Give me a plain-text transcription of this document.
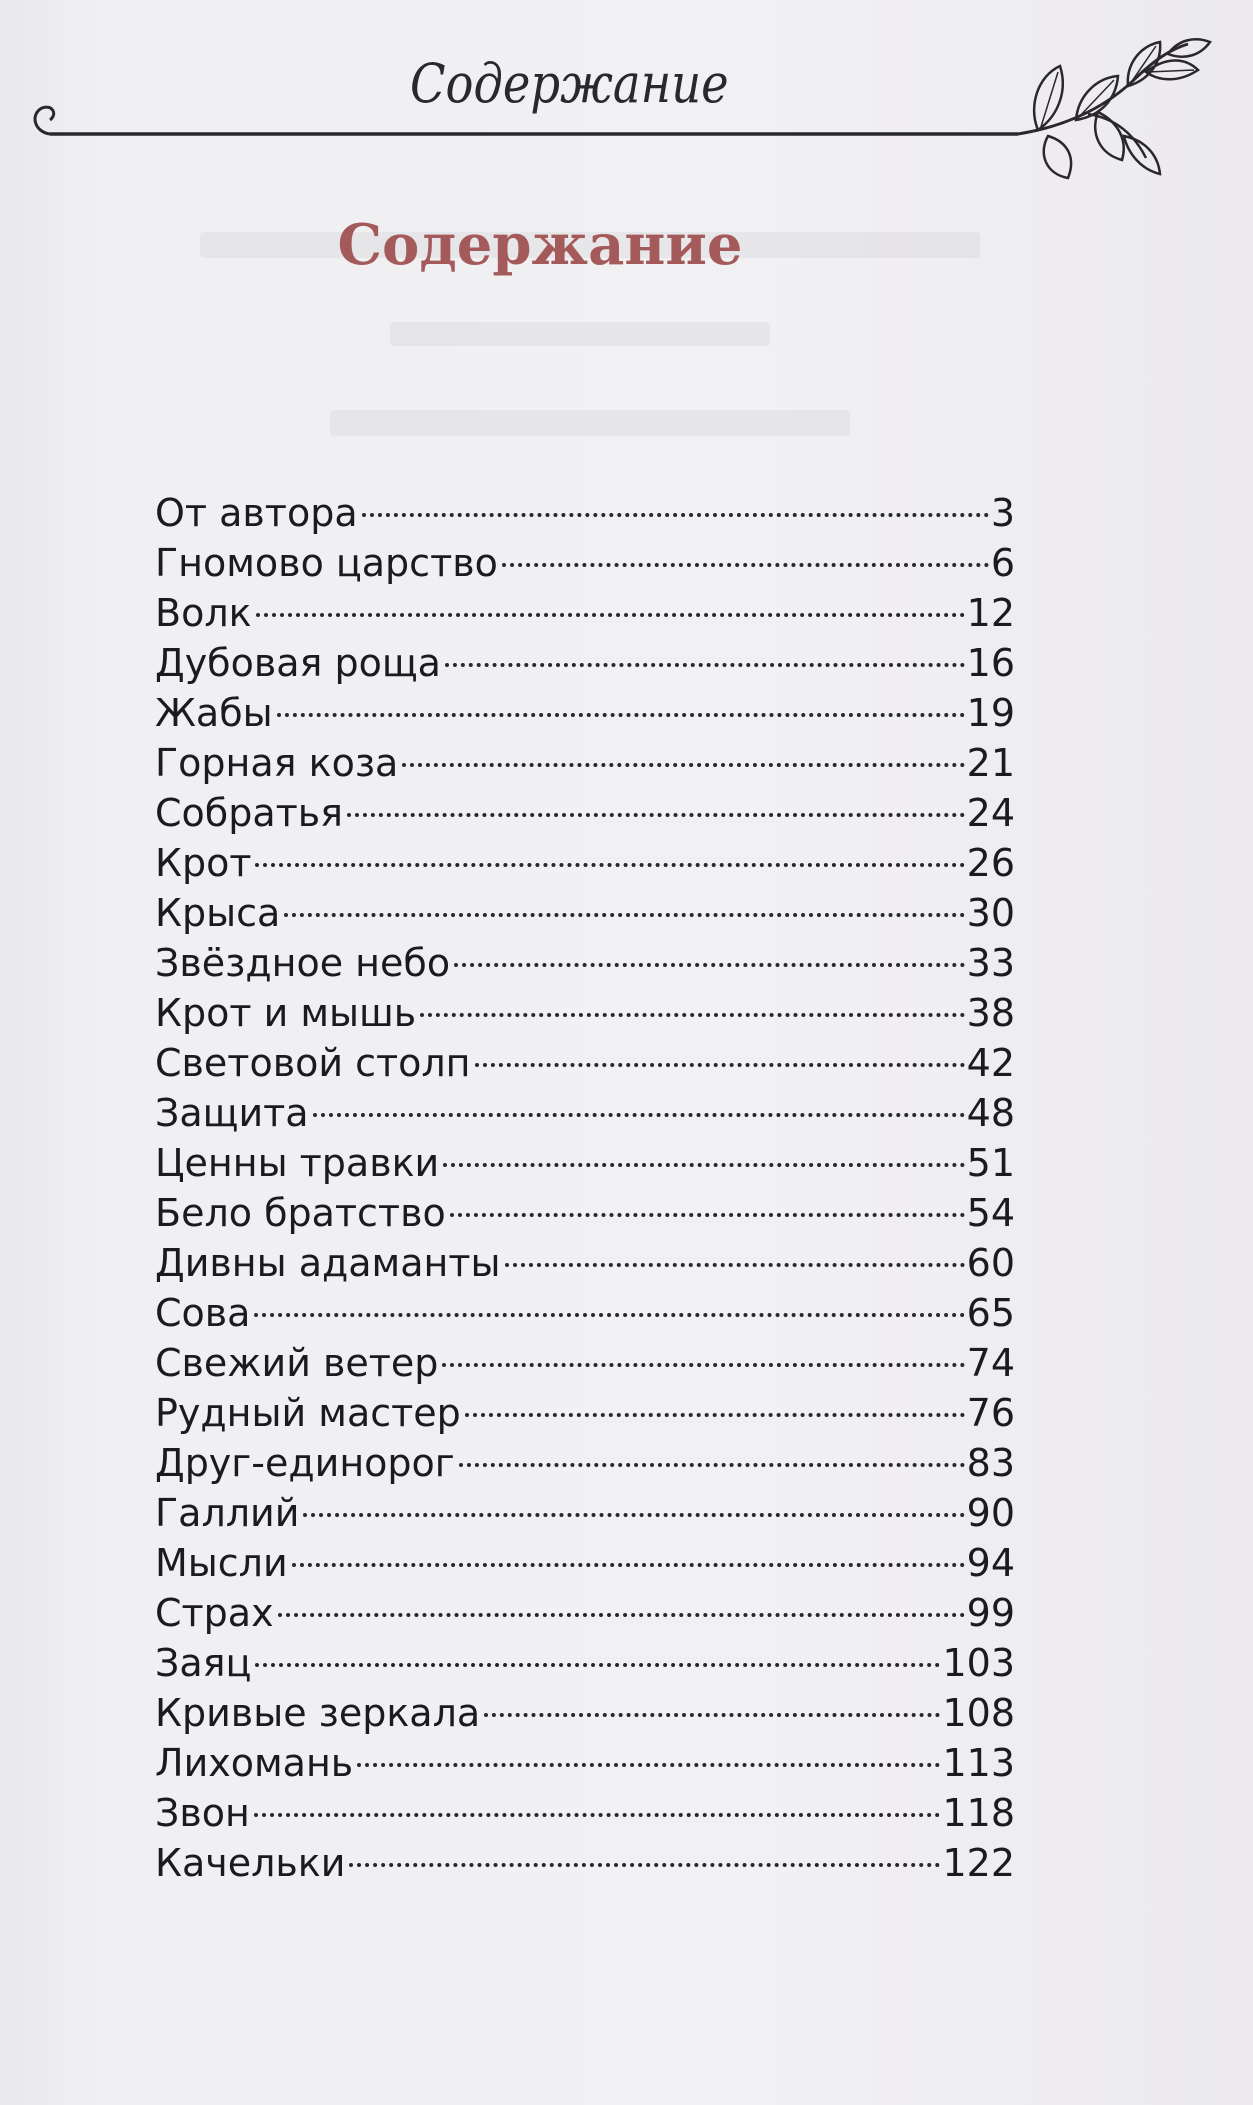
Содержание
Содержание
От автора	3
Гномово царство	6
Волк	12
Дубовая роща	16
Жабы	19
Горная коза	21
Собратья	24
Крот	26
Крыса	30
Звёздное небо	33
Крот и мышь	38
Световой столп	42
Защита	48
Ценны травки	51
Бело братство	54
Дивны адаманты	60
Сова	65
Свежий ветер	74
Рудный мастер	76
Друг-единорог	83
Галлий	90
Мысли	94
Страх	99
Заяц	103
Кривые зеркала	108
Лихомань	113
Звон	118
Качельки	122
